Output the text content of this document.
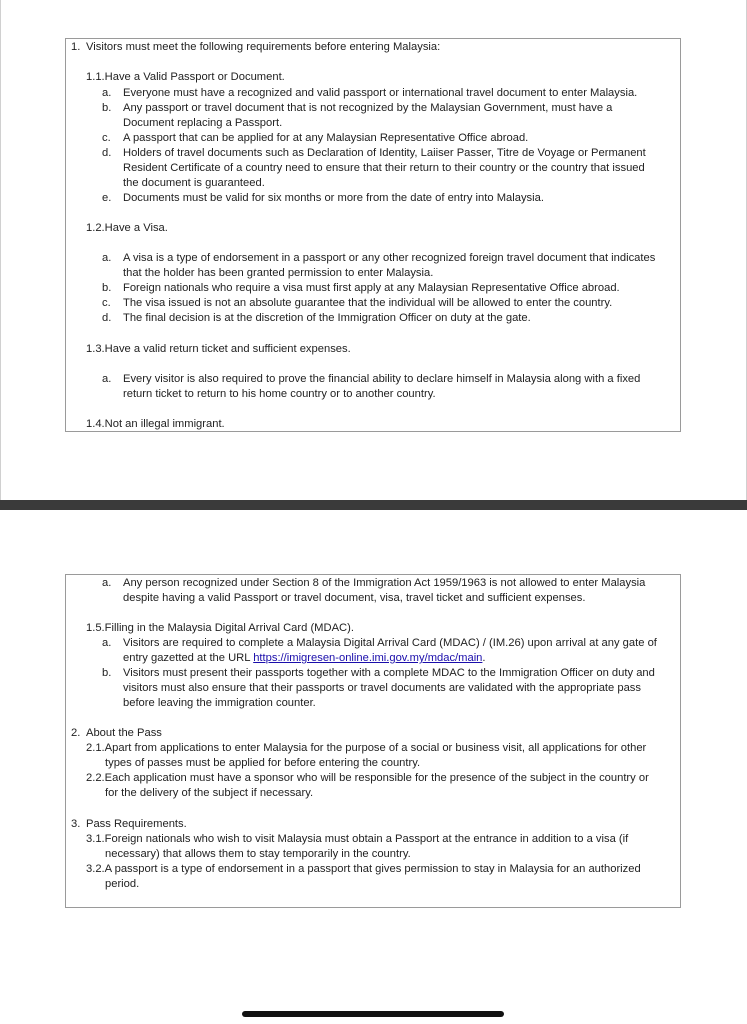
1. Visitors must meet the following requirements before entering Malaysia:
1.1.Have a Valid Passport or Document.
a. Everyone must have a recognized and valid passport or international travel document to enter Malaysia.
b. Any passport or travel document that is not recognized by the Malaysian Government, must have a
Document replacing a Passport.
c. A passport that can be applied for at any Malaysian Representative Office abroad.
d. Holders of travel documents such as Declaration of Identity, Laiiser Passer, Titre de Voyage or Permanent
Resident Certificate of a country need to ensure that their return to their country or the country that issued
the document is guaranteed.
e. Documents must be valid for six months or more from the date of entry into Malaysia.
1.2.Have a Visa.
a. A visa is a type of endorsement in a passport or any other recognized foreign travel document that indicates
that the holder has been granted permission to enter Malaysia.
b. Foreign nationals who require a visa must first apply at any Malaysian Representative Office abroad.
c. The visa issued is not an absolute guarantee that the individual will be allowed to enter the country.
d. The final decision is at the discretion of the Immigration Officer on duty at the gate.
1.3.Have a valid return ticket and sufficient expenses.
a. Every visitor is also required to prove the financial ability to declare himself in Malaysia along with a fixed
return ticket to return to his home country or to another country.
1.4.Not an illegal immigrant.
a. Any person recognized under Section 8 of the Immigration Act 1959/1963 is not allowed to enter Malaysia
despite having a valid Passport or travel document, visa, travel ticket and sufficient expenses.
1.5.Filling in the Malaysia Digital Arrival Card (MDAC).
a. Visitors are required to complete a Malaysia Digital Arrival Card (MDAC) / (IM.26) upon arrival at any gate of
entry gazetted at the URL https://imigresen-online.imi.gov.my/mdac/main.
b. Visitors must present their passports together with a complete MDAC to the Immigration Officer on duty and
visitors must also ensure that their passports or travel documents are validated with the appropriate pass
before leaving the immigration counter.
2. About the Pass
2.1.Apart from applications to enter Malaysia for the purpose of a social or business visit, all applications for other
types of passes must be applied for before entering the country.
2.2.Each application must have a sponsor who will be responsible for the presence of the subject in the country or
for the delivery of the subject if necessary.
3. Pass Requirements.
3.1.Foreign nationals who wish to visit Malaysia must obtain a Passport at the entrance in addition to a visa (if
necessary) that allows them to stay temporarily in the country.
3.2.A passport is a type of endorsement in a passport that gives permission to stay in Malaysia for an authorized
period.
